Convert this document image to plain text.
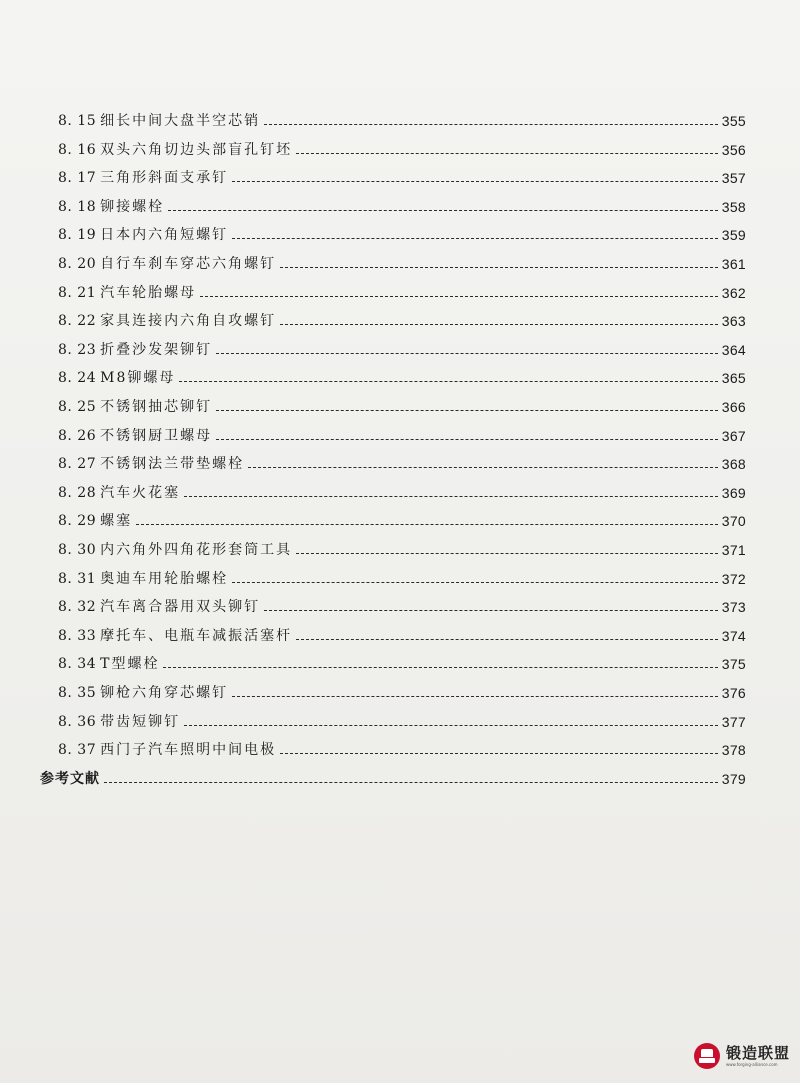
8. 15 细长中间大盘半空芯销	355
8. 16 双头六角切边头部盲孔钉坯	356
8. 17 三角形斜面支承钉	357
8. 18 铆接螺栓	358
8. 19 日本内六角短螺钉	359
8. 20 自行车刹车穿芯六角螺钉	361
8. 21 汽车轮胎螺母	362
8. 22 家具连接内六角自攻螺钉	363
8. 23 折叠沙发架铆钉	364
8. 24 M8铆螺母	365
8. 25 不锈钢抽芯铆钉	366
8. 26 不锈钢厨卫螺母	367
8. 27 不锈钢法兰带垫螺栓	368
8. 28 汽车火花塞	369
8. 29 螺塞	370
8. 30 内六角外四角花形套筒工具	371
8. 31 奥迪车用轮胎螺栓	372
8. 32 汽车离合器用双头铆钉	373
8. 33 摩托车、电瓶车减振活塞杆	374
8. 34 T型螺栓	375
8. 35 铆枪六角穿芯螺钉	376
8. 36 带齿短铆钉	377
8. 37 西门子汽车照明中间电极	378
参考文献	379
锻造联盟
www.forging-alliance.com
